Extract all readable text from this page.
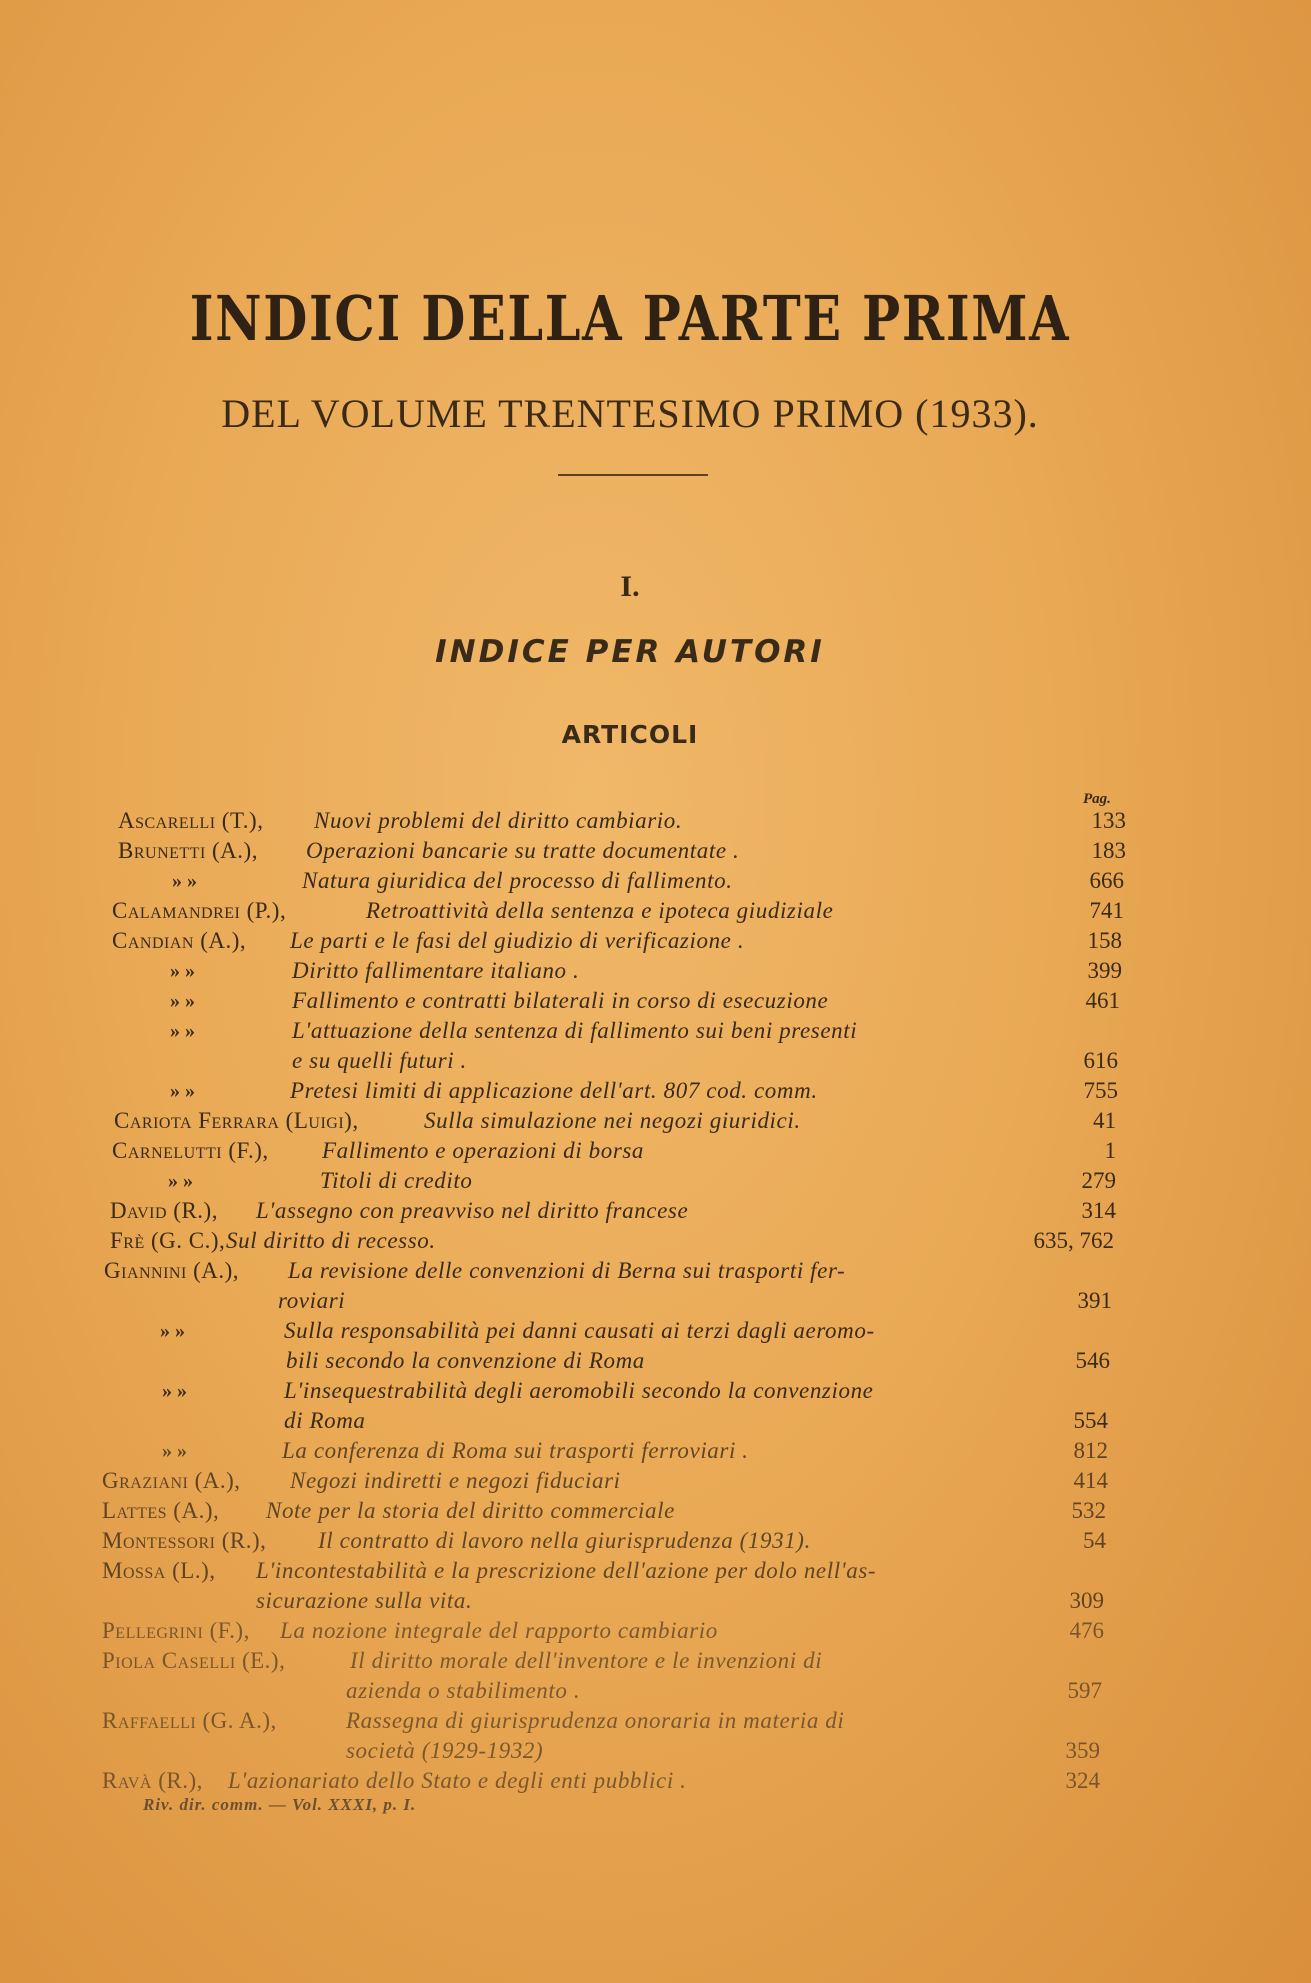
INDICI DELLA PARTE PRIMA
DEL VOLUME TRENTESIMO PRIMO (1933).
I.
INDICE PER AUTORI
ARTICOLI
Pag.
Ascarelli (T.), Nuovi problemi del diritto cambiario.	133
Brunetti (A.), Operazioni bancarie su tratte documentate .	183
» »	Natura giuridica del processo di fallimento.	666
Calamandrei (P.),	Retroattività della sentenza e ipoteca giudiziale	741
Candian (A.), Le parti e le fasi del giudizio di verificazione .	158
» »	Diritto fallimentare italiano .	399
» »	Fallimento e contratti bilaterali in corso di esecuzione	461
» »	L'attuazione della sentenza di fallimento sui beni presenti
e su quelli futuri .	616
» »	Pretesi limiti di applicazione dell'art. 807 cod. comm.	755
Cariota Ferrara (Luigi),	Sulla simulazione nei negozi giuridici.	41
Carnelutti (F.), Fallimento e operazioni di borsa	1
» »	Titoli di credito	279
David (R.), L'assegno con preavviso nel diritto francese	314
Frè (G. C.), Sul diritto di recesso.	635, 762
Giannini (A.), La revisione delle convenzioni di Berna sui trasporti fer-
roviari	391
» »	Sulla responsabilità pei danni causati ai terzi dagli aeromo-
bili secondo la convenzione di Roma	546
» »	L'insequestrabilità degli aeromobili secondo la convenzione
di Roma	554
» »	La conferenza di Roma sui trasporti ferroviari .	812
Graziani (A.), Negozi indiretti e negozi fiduciari	414
Lattes (A.), Note per la storia del diritto commerciale	532
Montessori (R.), Il contratto di lavoro nella giurisprudenza (1931).	54
Mossa (L.), L'incontestabilità e la prescrizione dell'azione per dolo nell'as-
sicurazione sulla vita.	309
Pellegrini (F.), La nozione integrale del rapporto cambiario	476
Piola Caselli (E.),	Il diritto morale dell'inventore e le invenzioni di
azienda o stabilimento .	597
Raffaelli (G. A.),	Rassegna di giurisprudenza onoraria in materia di
società (1929-1932)	359
Ravà (R.), L'azionariato dello Stato e degli enti pubblici .	324
Riv. dir. comm. — Vol. XXXI, p. I.
